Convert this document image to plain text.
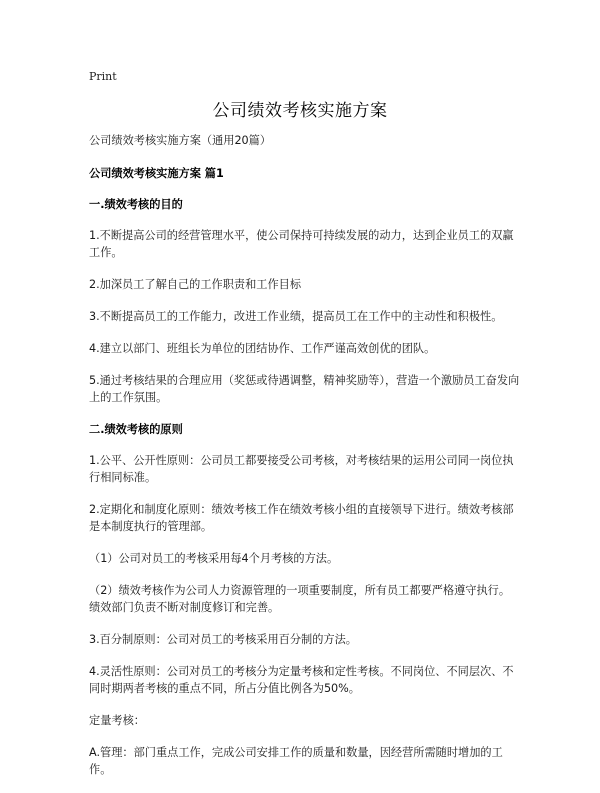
Print
公司绩效考核实施方案

公司绩效考核实施方案（通用20篇）

公司绩效考核实施方案 篇1

一.绩效考核的目的

1.不断提高公司的经营管理水平，使公司保持可持续发展的动力，达到企业员工的双赢工作。

2.加深员工了解自己的工作职责和工作目标

3.不断提高员工的工作能力，改进工作业绩，提高员工在工作中的主动性和积极性。

4.建立以部门、班组长为单位的团结协作、工作严谨高效创优的团队。

5.通过考核结果的合理应用（奖惩或待遇调整，精神奖励等），营造一个激励员工奋发向上的工作氛围。

二.绩效考核的原则

1.公平、公开性原则：公司员工都要接受公司考核，对考核结果的运用公司同一岗位执行相同标准。

2.定期化和制度化原则：绩效考核工作在绩效考核小组的直接领导下进行。绩效考核部是本制度执行的管理部。

（1）公司对员工的考核采用每4个月考核的方法。

（2）绩效考核作为公司人力资源管理的一项重要制度，所有员工都要严格遵守执行。绩效部门负责不断对制度修订和完善。

3.百分制原则：公司对员工的考核采用百分制的方法。

4.灵活性原则：公司对员工的考核分为定量考核和定性考核。不同岗位、不同层次、不同时期两者考核的重点不同，所占分值比例各为50%。

定量考核：

A.管理：部门重点工作，完成公司安排工作的质量和数量，因经营所需随时增加的工作。
